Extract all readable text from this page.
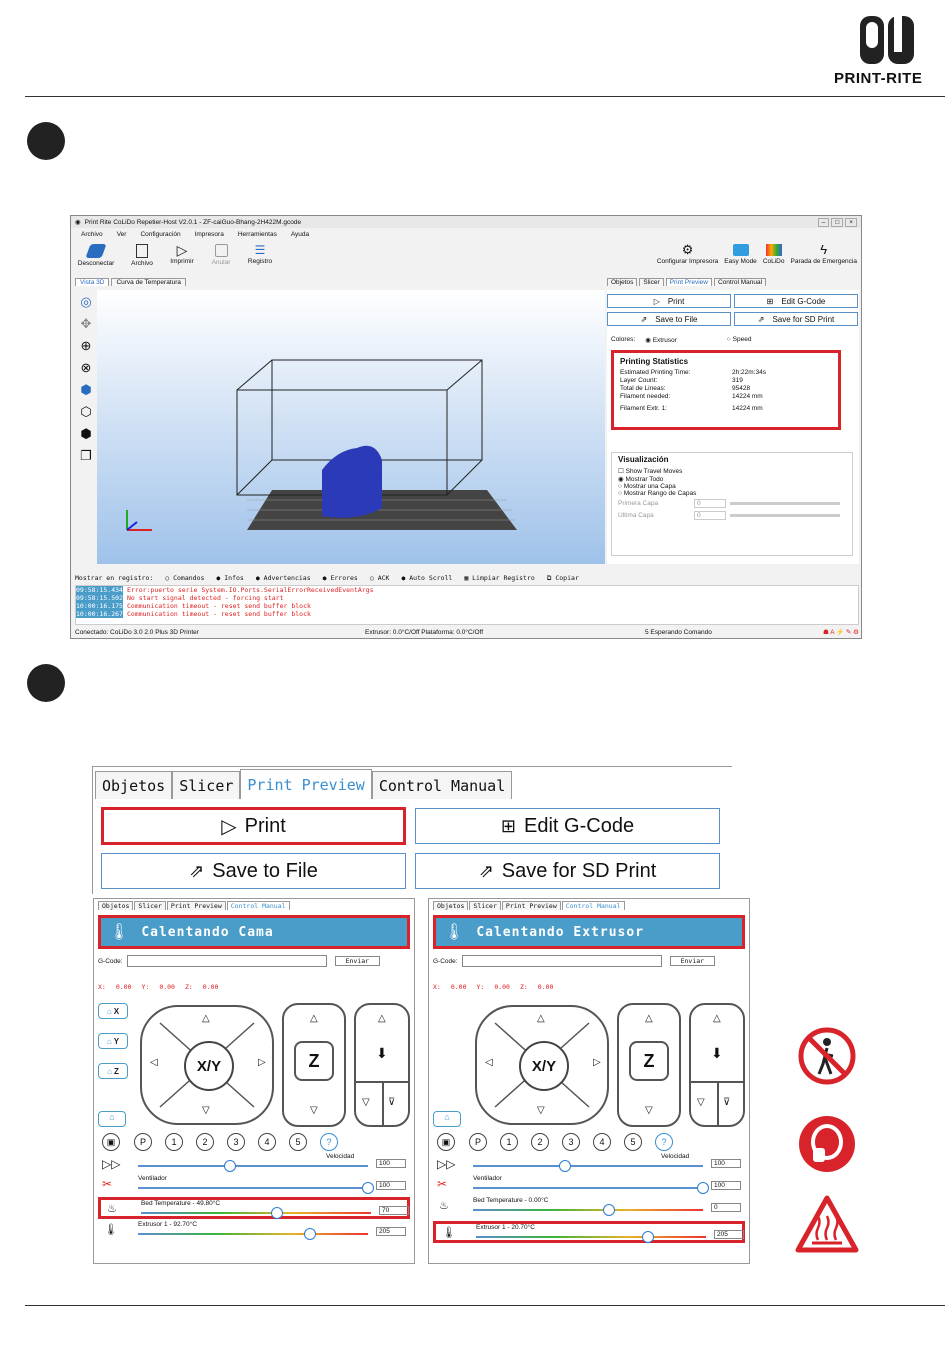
PRINT-RITE
◉ Print Rite CoLiDo Repetier-Host V2.0.1 - ZF-caiGuo-Bhang-2H422M.gcode	–	□	×
Archivo Ver Configuración Impresora Herramientas Ayuda
Desconectar	Archivo
▷
Imprimir	Anular
☰
Registro
⚙
Configurar Impresora Easy Mode CoLiDo
ϟ
Parada de Emergencia
Vista 3D	Curva de Temperatura
◎
✥
⊕
⊗
⬢
⬡
⬢
❐
Objetos	Slicer	Print Preview	Control Manual
▷ Print	⊞ Edit G-Code
⇗ Save to File	⇗ Save for SD Print
Colores: ◉ Extrusor	○ Speed
Printing Statistics
Estimated Printing Time:	2h:22m:34s
Layer Count:	319
Total de Lineas:	95428
Filament needed:	14224 mm
Filament Extr. 1:	14224 mm
Visualización
☐ Show Travel Moves
◉ Mostrar Todo
○ Mostrar una Capa
○ Mostrar Rango de Capas
Primera Capa	0
Ultima Capa	0
Mostrar en registro: ○ Comandos ● Infos ● Advertencias ● Errores ○ ACK ● Auto Scroll ▦ Limpiar Registro ⧉ Copiar
09:58:15.434 Error:puerto serie System.IO.Ports.SerialErrorReceivedEventArgs
09:58:15.502 No start signal detected - forcing start
10:00:16.175 Communication timeout - reset send buffer block
10:00:16.267 Communication timeout - reset send buffer block
Conectado: CoLiDo 3.0 2.0 Plus 3D Printer	Extrusor: 0.0°C/Off Plataforma: 0.0°C/Off	5 Esperando Comando	☗ A ⚡ ✎ ⚙
Objetos Slicer Print Preview Control Manual
▷ Print	⊞ Edit G-Code
⇗ Save to File	⇗ Save for SD Print
Objetos	Slicer	Print Preview	Control Manual
🌡 Calentando Cama
G-Code:	Enviar
X: 0.00 Y: 0.00 Z: 0.00
⌂ X
⌂ Y
⌂ Z
⌂
X/Y
△
▽
◁	▷
△
Z
▽
△
⬇
▽ ⊽
▣	P	1	2	3	4	5	?
▷▷
Velocidad
100
✂	Ventilador
100
♨	Bed Temperature - 49.80°C
70
🌡	Extrusor 1 - 92.70°C
205
Objetos	Slicer	Print Preview	Control Manual
🌡 Calentando Extrusor
G-Code:	Enviar
X: 0.00 Y: 0.00 Z: 0.00
⌂
X/Y
△
▽
◁	▷
△
Z
▽
△
⬇
▽ ⊽
▣	P	1	2	3	4	5	?
▷▷
Velocidad
100
✂	Ventilador
100
♨	Bed Temperature - 0.00°C
0
🌡	Extrusor 1 - 20.70°C
205
